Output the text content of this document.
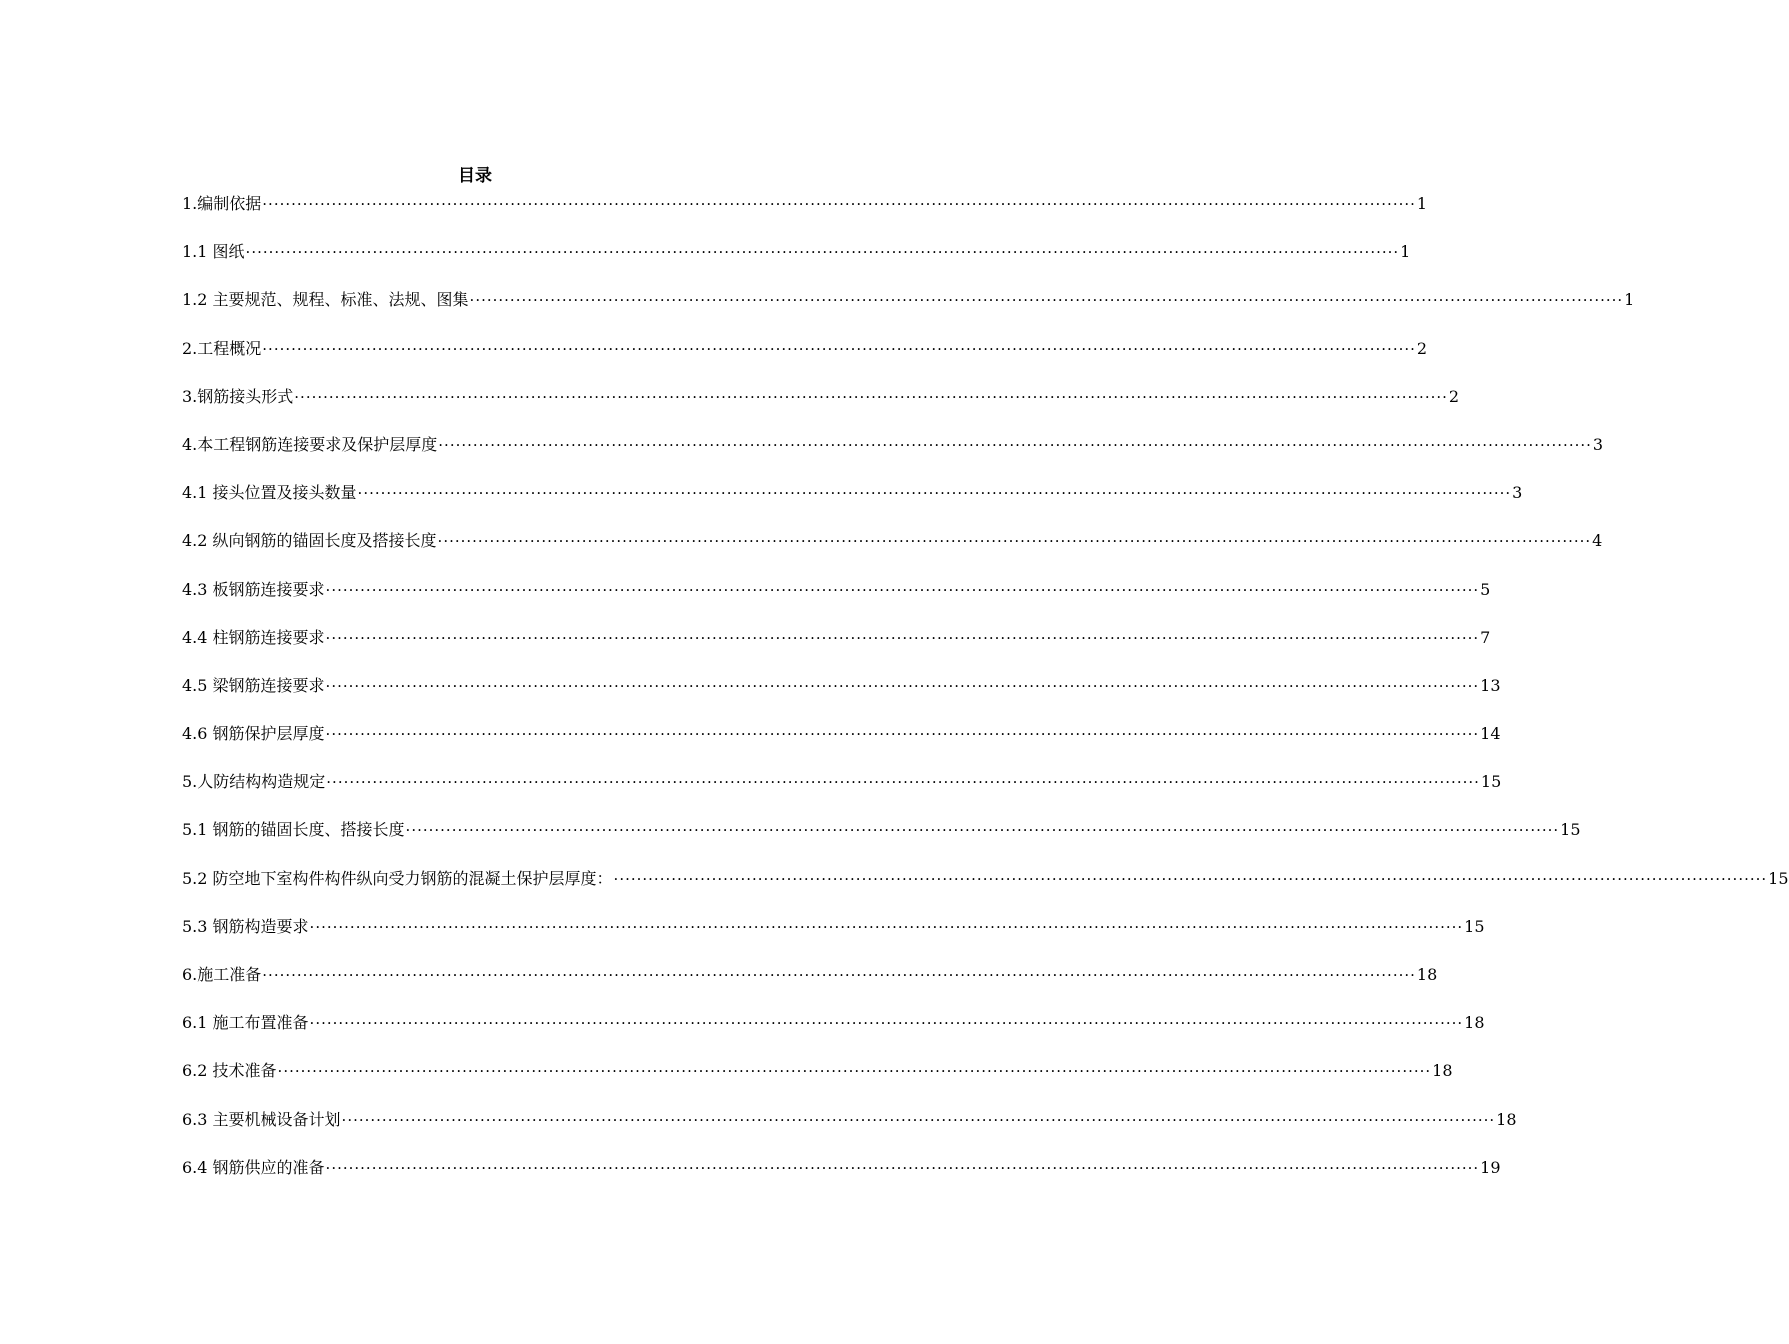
目录
1.编制依据 ········································································································································································································ 1
1.1 图纸 ········································································································································································································ 1
1.2 主要规范、规程、标准、法规、图集 ········································································································································································································ 1
2.工程概况 ········································································································································································································ 2
3.钢筋接头形式 ········································································································································································································ 2
4.本工程钢筋连接要求及保护层厚度 ········································································································································································································ 3
4.1 接头位置及接头数量 ········································································································································································································ 3
4.2 纵向钢筋的锚固长度及搭接长度 ········································································································································································································ 4
4.3 板钢筋连接要求 ········································································································································································································ 5
4.4 柱钢筋连接要求 ········································································································································································································ 7
4.5 梁钢筋连接要求 ········································································································································································································ 13
4.6 钢筋保护层厚度 ········································································································································································································ 14
5.人防结构构造规定 ········································································································································································································ 15
5.1 钢筋的锚固长度、搭接长度 ········································································································································································································ 15
5.2 防空地下室构件构件纵向受力钢筋的混凝土保护层厚度： ········································································································································································································ 15
5.3 钢筋构造要求 ········································································································································································································ 15
6.施工准备 ········································································································································································································ 18
6.1 施工布置准备 ········································································································································································································ 18
6.2 技术准备 ········································································································································································································ 18
6.3 主要机械设备计划 ········································································································································································································ 18
6.4 钢筋供应的准备 ········································································································································································································ 19
